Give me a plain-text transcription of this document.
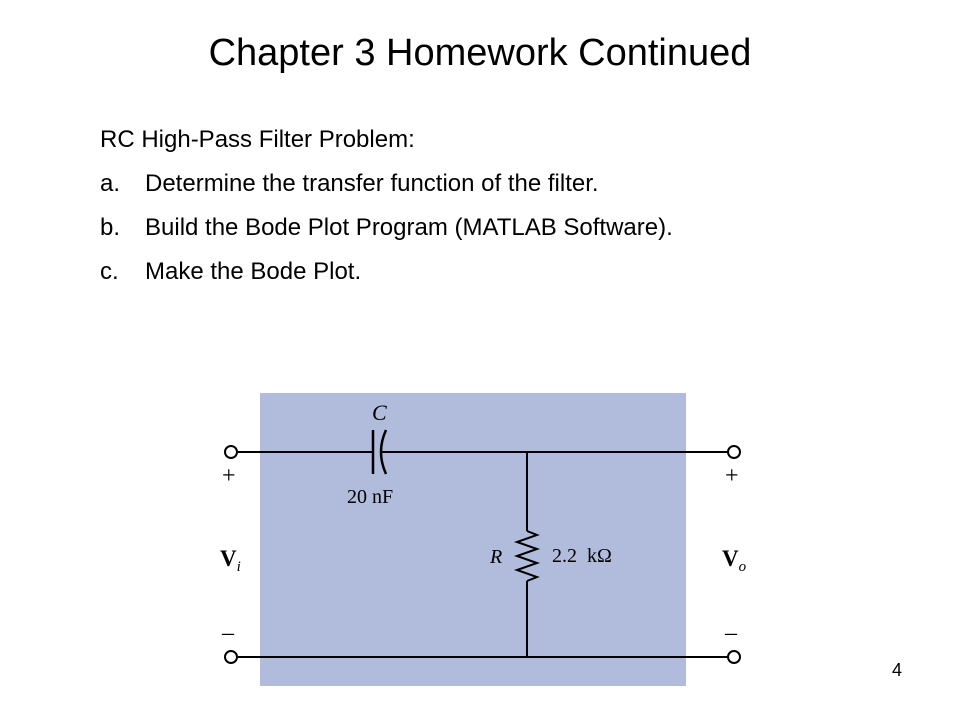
Chapter 3 Homework Continued
RC High-Pass Filter Problem:
a. Determine the transfer function of the filter.
b. Build the Bode Plot Program (MATLAB Software).
c. Make the Bode Plot.
C
20 nF
R 2.2  kΩ
+
–
$V_i$
+
–
$V_o$
4
